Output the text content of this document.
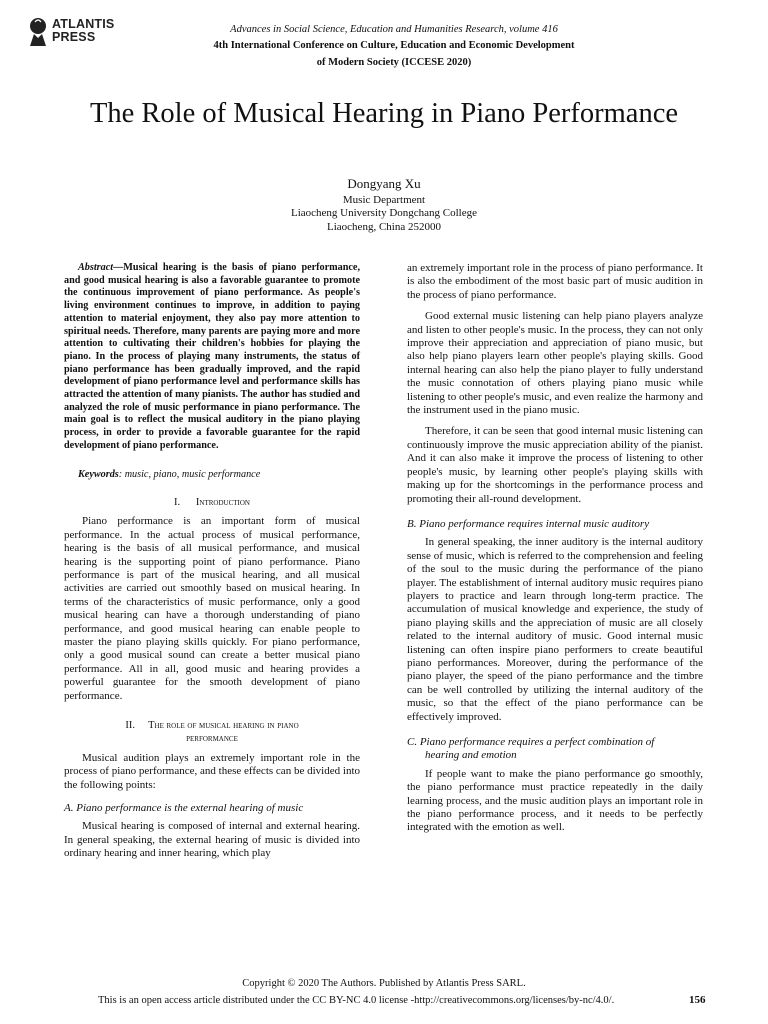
ATLANTIS
PRESS
Advances in Social Science, Education and Humanities Research, volume 416
4th International Conference on Culture, Education and Economic Development
of Modern Society (ICCESE 2020)
The Role of Musical Hearing in Piano Performance
Dongyang Xu
Music Department
Liaocheng University Dongchang College
Liaocheng, China 252000

Abstract—Musical hearing is the basis of piano performance, and good musical hearing is also a favorable guarantee to promote the continuous improvement of piano performance. As people's living environment continues to improve, in addition to paying attention to material enjoyment, they also pay more attention to spiritual needs. Therefore, many parents are paying more and more attention to cultivating their children's hobbies for playing the piano. In the process of playing many instruments, the status of piano performance has been gradually improved, and the rapid development of piano performance level and performance skills has attracted the attention of many pianists. The author has studied and analyzed the role of music performance in piano performance. The main goal is to reflect the musical auditory in the piano playing process, in order to provide a favorable guarantee for the rapid development of piano performance.

Keywords: music, piano, music performance

I. Introduction

Piano performance is an important form of musical performance. In the actual process of musical performance, hearing is the basis of all musical performance, and musical hearing is the supporting point of piano performance. Piano performance is part of the musical hearing, and all musical activities are carried out smoothly based on musical hearing. In terms of the characteristics of music performance, only a good musical hearing can have a thorough understanding of piano performance, and good musical hearing can enable people to master the piano playing skills quickly. For piano performance, only a good musical sound can create a better musical piano performance. All in all, good music and hearing provides a powerful guarantee for the smooth development of piano performance.

II. The role of musical hearing in piano
performance

Musical audition plays an extremely important role in the process of piano performance, and these effects can be divided into the following points:

A. Piano performance is the external hearing of music

Musical hearing is composed of internal and external hearing. In general speaking, the external hearing of music is divided into ordinary hearing and inner hearing, which play

an extremely important role in the process of piano performance. It is also the embodiment of the most basic part of music audition in the process of piano performance.

Good external music listening can help piano players analyze and listen to other people's music. In the process, they can not only improve their appreciation and appreciation of piano music, but also help piano players learn other people's playing skills. Good internal hearing can also help the piano player to fully understand the music connotation of others playing piano music while listening to other people's music, and even realize the harmony and the instrument used in the piano music.

Therefore, it can be seen that good internal music listening can continuously improve the music appreciation ability of the pianist. And it can also make it improve the process of listening to other people's music, by learning other people's playing skills with making up for the shortcomings in the performance process and promoting their all-round development.

B. Piano performance requires internal music auditory

In general speaking, the inner auditory is the internal auditory sense of music, which is referred to the comprehension and feeling of the soul to the music during the performance of the piano player. The establishment of internal auditory music requires piano players to practice and learn through long-term practice. The accumulation of musical knowledge and experience, the study of piano playing skills and the appreciation of music are all closely related to the internal auditory of music. Good internal music listening can often inspire piano performers to create beautiful piano performances. Moreover, during the performance of the piano player, the speed of the piano performance and the timbre can be well controlled by utilizing the internal auditory of the music, so that the effect of the piano performance can be effectively improved.

C. Piano performance requires a perfect combination of
hearing and emotion

If people want to make the piano performance go smoothly, the piano performance must practice repeatedly in the daily learning process, and the music audition plays an important role in the piano performance process, and it needs to be perfectly integrated with the emotion as well.

Copyright © 2020 The Authors. Published by Atlantis Press SARL.
This is an open access article distributed under the CC BY-NC 4.0 license -http://creativecommons.org/licenses/by-nc/4.0/.	156
